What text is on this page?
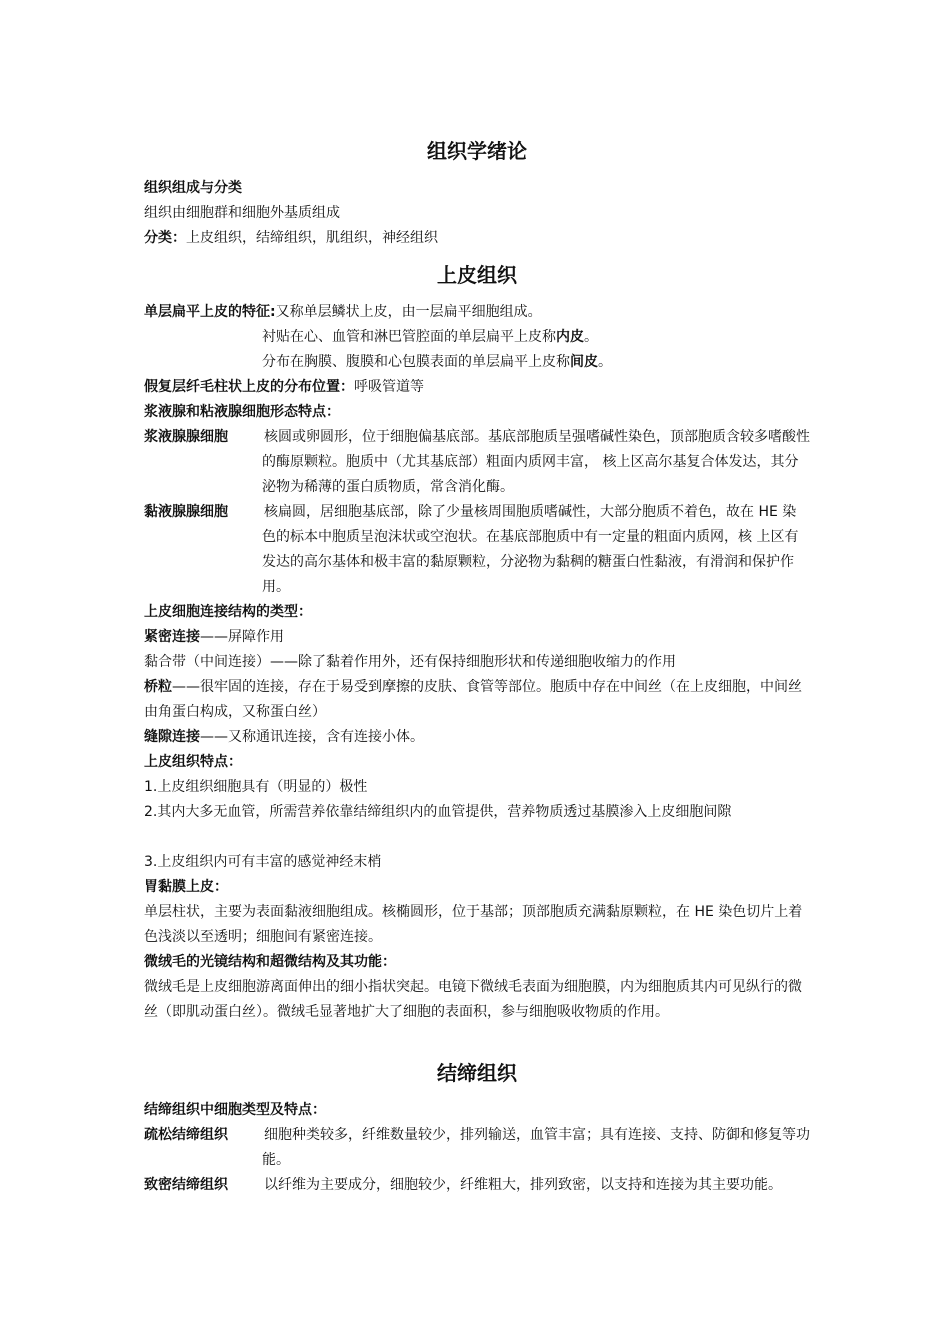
组织学绪论
组织组成与分类
组织由细胞群和细胞外基质组成
分类：上皮组织，结缔组织，肌组织，神经组织
上皮组织
单层扁平上皮的特征:又称单层鳞状上皮，由一层扁平细胞组成。
衬贴在心、血管和淋巴管腔面的单层扁平上皮称内皮。
分布在胸膜、腹膜和心包膜表面的单层扁平上皮称间皮。
假复层纤毛柱状上皮的分布位置：呼吸管道等
浆液腺和粘液腺细胞形态特点：
浆液腺腺细胞	核圆或卵圆形，位于细胞偏基底部。基底部胞质呈强嗜碱性染色，顶部胞质含较多嗜酸性的酶原颗粒。胞质中（尤其基底部）粗面内质网丰富， 核上区高尔基复合体发达，其分泌物为稀薄的蛋白质物质，常含消化酶。
黏液腺腺细胞	核扁圆，居细胞基底部，除了少量核周围胞质嗜碱性，大部分胞质不着色，故在 HE 染色的标本中胞质呈泡沫状或空泡状。在基底部胞质中有一定量的粗面内质网，核 上区有发达的高尔基体和极丰富的黏原颗粒，分泌物为黏稠的糖蛋白性黏液，有滑润和保护作用。
上皮细胞连接结构的类型：
紧密连接——屏障作用
黏合带（中间连接）——除了黏着作用外，还有保持细胞形状和传递细胞收缩力的作用
桥粒——很牢固的连接，存在于易受到摩擦的皮肤、食管等部位。胞质中存在中间丝（在上皮细胞，中间丝由角蛋白构成，又称蛋白丝）
缝隙连接——又称通讯连接，含有连接小体。
上皮组织特点：
1.上皮组织细胞具有（明显的）极性
2.其内大多无血管，所需营养依靠结缔组织内的血管提供，营养物质透过基膜渗入上皮细胞间隙
3.上皮组织内可有丰富的感觉神经末梢
胃黏膜上皮：
单层柱状，主要为表面黏液细胞组成。核椭圆形，位于基部；顶部胞质充满黏原颗粒，在 HE 染色切片上着色浅淡以至透明；细胞间有紧密连接。
微绒毛的光镜结构和超微结构及其功能：
微绒毛是上皮细胞游离面伸出的细小指状突起。电镜下微绒毛表面为细胞膜，内为细胞质其内可见纵行的微丝（即肌动蛋白丝）。微绒毛显著地扩大了细胞的表面积，参与细胞吸收物质的作用。
结缔组织
结缔组织中细胞类型及特点：
疏松结缔组织	细胞种类较多，纤维数量较少，排列输送，血管丰富；具有连接、支持、防御和修复等功能。
致密结缔组织	以纤维为主要成分，细胞较少，纤维粗大，排列致密，以支持和连接为其主要功能。
